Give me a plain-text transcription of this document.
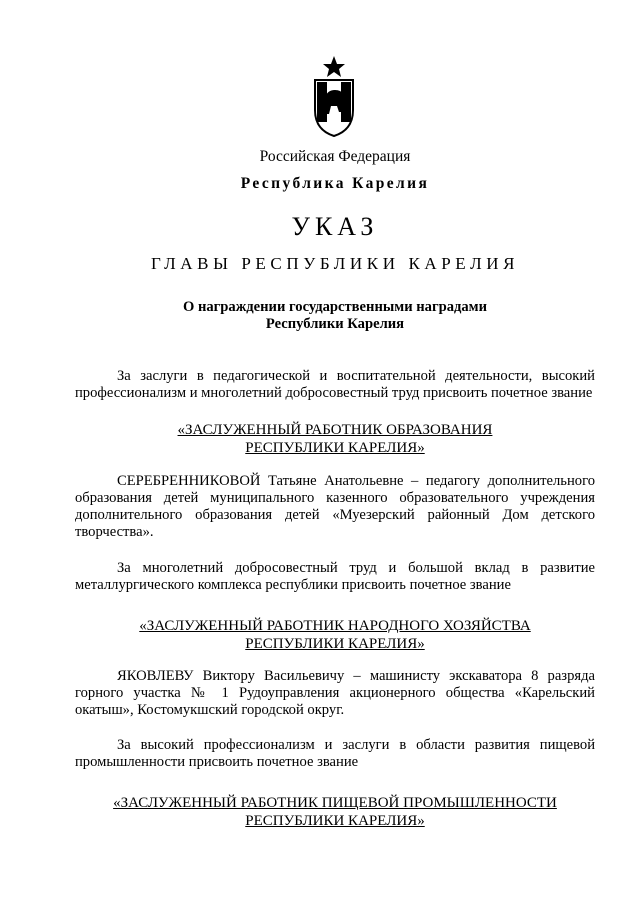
Российская Федерация
Республика Карелия
УКАЗ
ГЛАВЫ РЕСПУБЛИКИ КАРЕЛИЯ
О награждении государственными наградами
Республики Карелия

За заслуги в педагогической и воспитательной деятельности, высокий профессионализм и многолетний добросовестный труд присвоить почетное звание

«ЗАСЛУЖЕННЫЙ РАБОТНИК ОБРАЗОВАНИЯ
РЕСПУБЛИКИ КАРЕЛИЯ»

СЕРЕБРЕННИКОВОЙ Татьяне Анатольевне – педагогу дополнительного образования детей муниципального казенного образовательного учреждения дополнительного образования детей «Муезерский районный Дом детского творчества».

За многолетний добросовестный труд и большой вклад в развитие металлургического комплекса республики присвоить почетное звание

«ЗАСЛУЖЕННЫЙ РАБОТНИК НАРОДНОГО ХОЗЯЙСТВА
РЕСПУБЛИКИ КАРЕЛИЯ»

ЯКОВЛЕВУ Виктору Васильевичу – машинисту экскаватора 8 разряда горного участка № 1 Рудоуправления акционерного общества «Карельский окатыш», Костомукшский городской округ.

За высокий профессионализм и заслуги в области развития пищевой промышленности присвоить почетное звание

«ЗАСЛУЖЕННЫЙ РАБОТНИК ПИЩЕВОЙ ПРОМЫШЛЕННОСТИ
РЕСПУБЛИКИ КАРЕЛИЯ»
